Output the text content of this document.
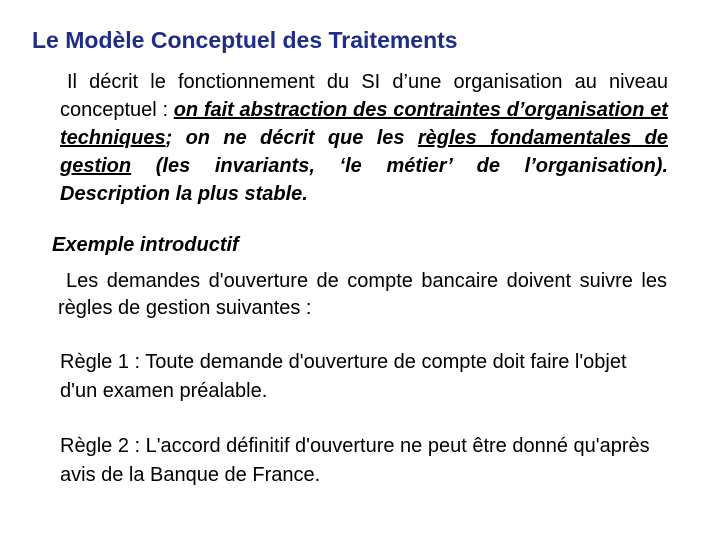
Le Modèle Conceptuel des Traitements
Il décrit le fonctionnement du SI d’une organisation au niveau conceptuel : on fait abstraction des contraintes d’organisation et techniques; on ne décrit que les règles fondamentales de gestion (les invariants, ‘le métier’ de l’organisation). Description la plus stable.
Exemple introductif
Les demandes d'ouverture de compte bancaire doivent suivre les règles de gestion suivantes :
Règle 1 : Toute demande d'ouverture de compte doit faire l'objet d'un examen préalable.
Règle 2 : L'accord définitif d'ouverture ne peut être donné qu'après avis de la Banque de France.
